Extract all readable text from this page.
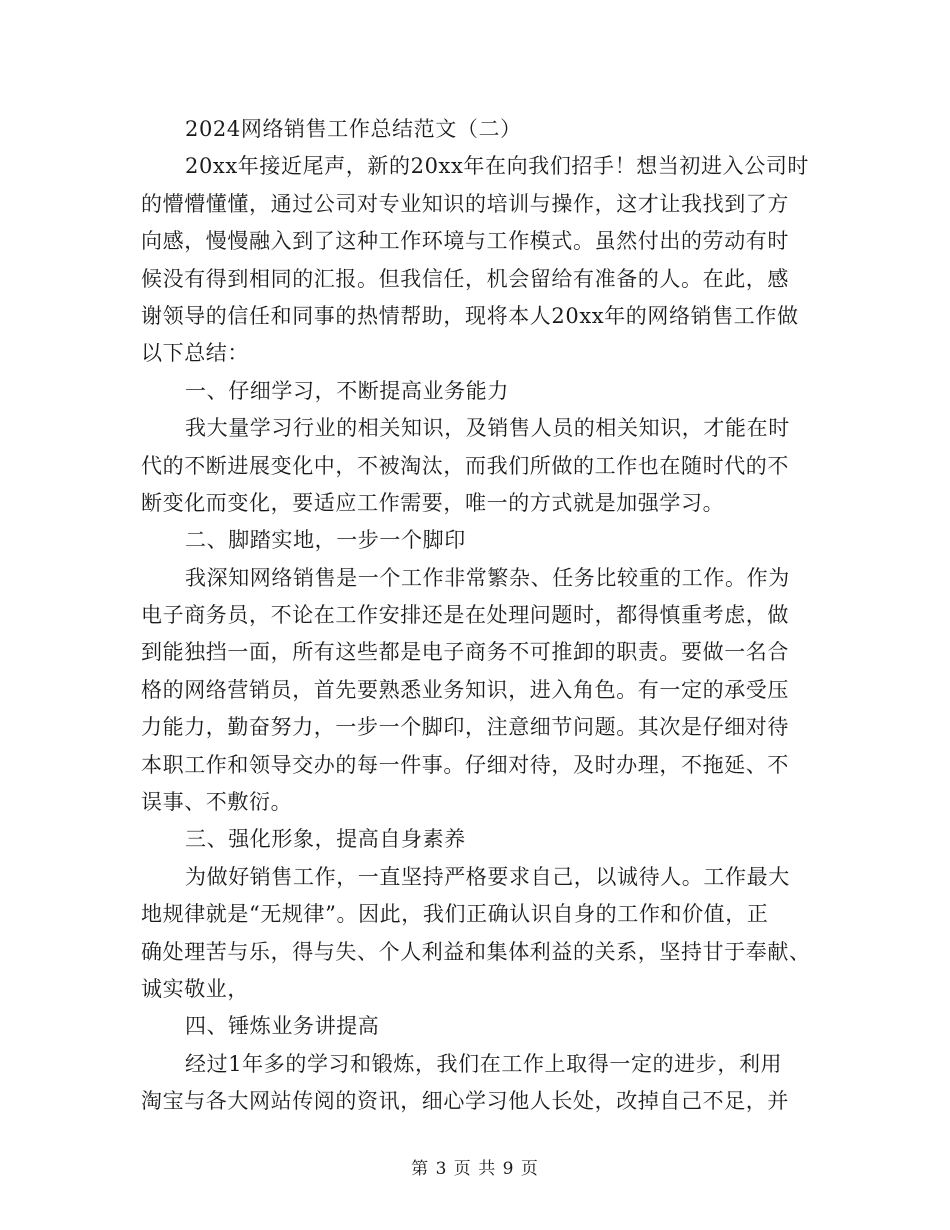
2024网络销售工作总结范文（二）
20xx年接近尾声，新的20xx年在向我们招手！想当初进入公司时
的懵懵懂懂，通过公司对专业知识的培训与操作，这才让我找到了方
向感，慢慢融入到了这种工作环境与工作模式。虽然付出的劳动有时
候没有得到相同的汇报。但我信任，机会留给有准备的人。在此，感
谢领导的信任和同事的热情帮助，现将本人20xx年的网络销售工作做
以下总结：
一、仔细学习，不断提高业务能力
我大量学习行业的相关知识，及销售人员的相关知识，才能在时
代的不断进展变化中，不被淘汰，而我们所做的工作也在随时代的不
断变化而变化，要适应工作需要，唯一的方式就是加强学习。
二、脚踏实地，一步一个脚印
我深知网络销售是一个工作非常繁杂、任务比较重的工作。作为
电子商务员，不论在工作安排还是在处理问题时，都得慎重考虑，做
到能独挡一面，所有这些都是电子商务不可推卸的职责。要做一名合
格的网络营销员，首先要熟悉业务知识，进入角色。有一定的承受压
力能力，勤奋努力，一步一个脚印，注意细节问题。其次是仔细对待
本职工作和领导交办的每一件事。仔细对待，及时办理，不拖延、不
误事、不敷衍。
三、强化形象，提高自身素养
为做好销售工作，一直坚持严格要求自己，以诚待人。工作最大
地规律就是“无规律”。因此，我们正确认识自身的工作和价值，正
确处理苦与乐，得与失、个人利益和集体利益的关系，坚持甘于奉献、
诚实敬业，
四、锤炼业务讲提高
经过1年多的学习和锻炼，我们在工作上取得一定的进步，利用
淘宝与各大网站传阅的资讯，细心学习他人长处，改掉自己不足，并
第 3 页 共 9 页
